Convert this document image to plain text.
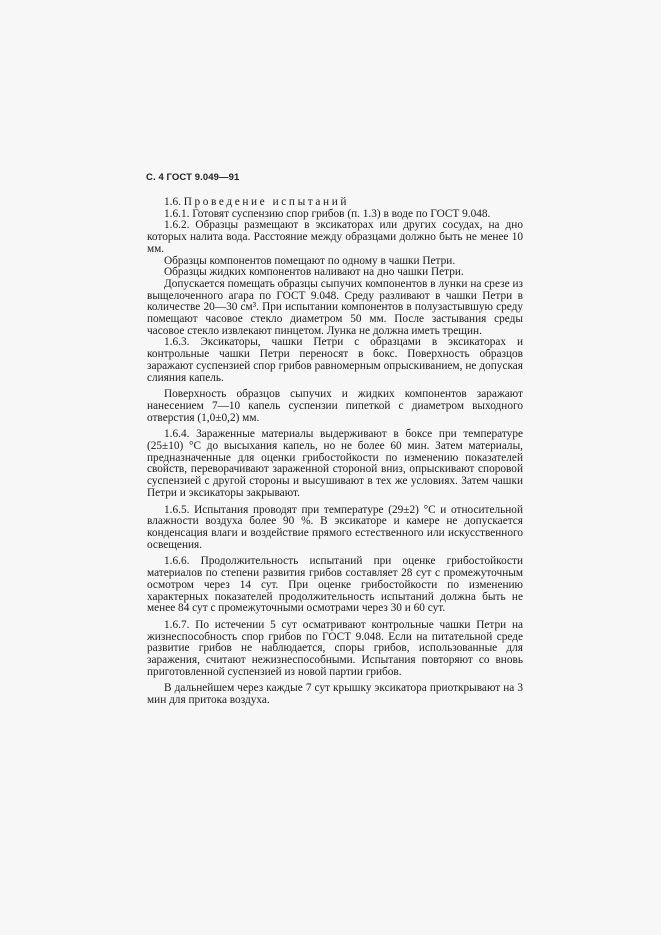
С. 4 ГОСТ 9.049—91

1.6. Проведение испытаний

1.6.1. Готовят суспензию спор грибов (п. 1.3) в воде по ГОСТ 9.048.

1.6.2. Образцы размещают в эксикаторах или других сосудах, на дно которых налита вода. Расстояние между образцами должно быть не менее 10 мм.

Образцы компонентов помещают по одному в чашки Петри.

Образцы жидких компонентов наливают на дно чашки Петри.

Допускается помещать образцы сыпучих компонентов в лунки на срезе из выщелоченного агара по ГОСТ 9.048. Среду разливают в чашки Петри в количестве 20—30 см³. При испытании компонентов в полузастывшую среду помещают часовое стекло диаметром 50 мм. После застывания среды часовое стекло извлекают пинцетом. Лунка не должна иметь трещин.

1.6.3. Эксикаторы, чашки Петри с образцами в эксикаторах и контрольные чашки Петри переносят в бокс. Поверхность образцов заражают суспензией спор грибов равномерным опрыскиванием, не допуская слияния капель.

Поверхность образцов сыпучих и жидких компонентов заражают нанесением 7—10 капель суспензии пипеткой с диаметром выходного отверстия (1,0±0,2) мм.

1.6.4. Зараженные материалы выдерживают в боксе при температуре (25±10) °С до высыхания капель, но не более 60 мин. Затем материалы, предназначенные для оценки грибостойкости по изменению показателей свойств, переворачивают зараженной стороной вниз, опрыскивают споровой суспензией с другой стороны и высушивают в тех же условиях. Затем чашки Петри и эксикаторы закрывают.

1.6.5. Испытания проводят при температуре (29±2) °С и относительной влажности воздуха более 90 %. В эксикаторе и камере не допускается конденсация влаги и воздействие прямого естественного или искусственного освещения.

1.6.6. Продолжительность испытаний при оценке грибостойкости материалов по степени развития грибов составляет 28 сут с промежуточным осмотром через 14 сут. При оценке грибостойкости по изменению характерных показателей продолжительность испытаний должна быть не менее 84 сут с промежуточными осмотрами через 30 и 60 сут.

1.6.7. По истечении 5 сут осматривают контрольные чашки Петри на жизнеспособность спор грибов по ГОСТ 9.048. Если на питательной среде развитие грибов не наблюдается, споры грибов, использованные для заражения, считают нежизнеспособными. Испытания повторяют со вновь приготовленной суспензией из новой партии грибов.

В дальнейшем через каждые 7 сут крышку эксикатора приоткрывают на 3 мин для притока воздуха.
